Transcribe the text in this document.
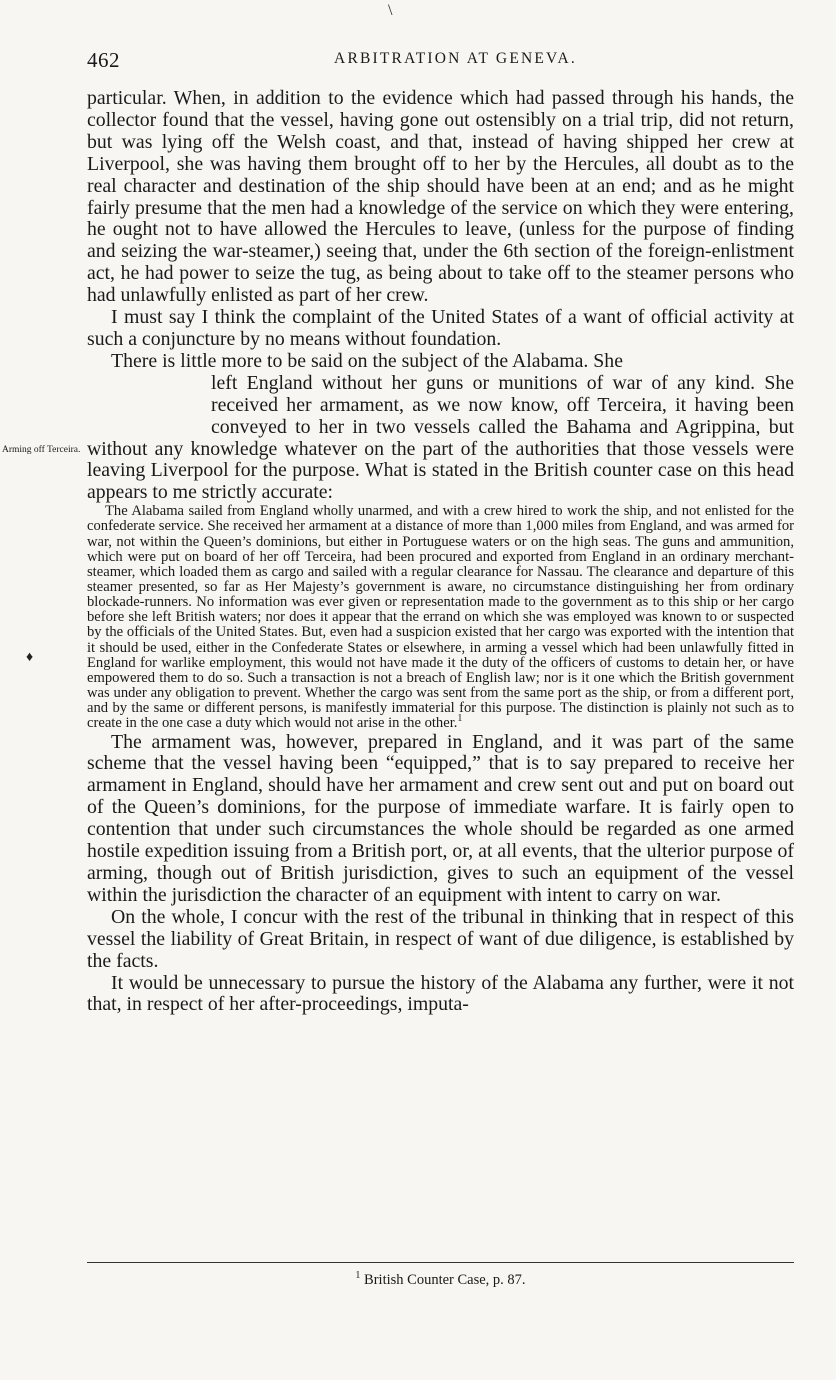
\
♦
462	ARBITRATION AT GENEVA.

particular. When, in addition to the evidence which had passed through his hands, the collector found that the vessel, having gone out ostensibly on a trial trip, did not return, but was lying off the Welsh coast, and that, instead of having shipped her crew at Liverpool, she was having them brought off to her by the Hercules, all doubt as to the real character and destination of the ship should have been at an end; and as he might fairly presume that the men had a knowledge of the service on which they were entering, he ought not to have allowed the Hercules to leave, (unless for the purpose of finding and seizing the war-steamer,) seeing that, under the 6th section of the foreign-enlistment act, he had power to seize the tug, as being about to take off to the steamer persons who had unlawfully enlisted as part of her crew.

I must say I think the complaint of the United States of a want of official activity at such a conjuncture by no means without foundation.

There is little more to be said on the subject of the Alabama. She

Arming off Terceira.

left England without her guns or munitions of war of any kind. She received her armament, as we now know, off Terceira, it having been conveyed to her in two vessels called the Bahama and Agrippina, but without any knowledge whatever on the part of the authorities that those vessels were leaving Liverpool for the purpose. What is stated in the British counter case on this head appears to me strictly accurate:

The Alabama sailed from England wholly unarmed, and with a crew hired to work the ship, and not enlisted for the confederate service. She received her armament at a distance of more than 1,000 miles from England, and was armed for war, not within the Queen’s dominions, but either in Portuguese waters or on the high seas. The guns and ammunition, which were put on board of her off Terceira, had been procured and exported from England in an ordinary merchant-steamer, which loaded them as cargo and sailed with a regular clearance for Nassau. The clearance and departure of this steamer presented, so far as Her Majesty’s government is aware, no circumstance distinguishing her from ordinary blockade-runners. No information was ever given or representation made to the government as to this ship or her cargo before she left British waters; nor does it appear that the errand on which she was employed was known to or suspected by the officials of the United States. But, even had a suspicion existed that her cargo was exported with the intention that it should be used, either in the Confederate States or elsewhere, in arming a vessel which had been unlawfully fitted in England for warlike employment, this would not have made it the duty of the officers of customs to detain her, or have empowered them to do so. Such a transaction is not a breach of English law; nor is it one which the British government was under any obligation to prevent. Whether the cargo was sent from the same port as the ship, or from a different port, and by the same or different persons, is manifestly immaterial for this purpose. The distinction is plainly not such as to create in the one case a duty which would not arise in the other.$^1$

The armament was, however, prepared in England, and it was part of the same scheme that the vessel having been “equipped,” that is to say prepared to receive her armament in England, should have her armament and crew sent out and put on board out of the Queen’s dominions, for the purpose of immediate warfare. It is fairly open to contention that under such circumstances the whole should be regarded as one armed hostile expedition issuing from a British port, or, at all events, that the ulterior purpose of arming, though out of British jurisdiction, gives to such an equipment of the vessel within the jurisdiction the character of an equipment with intent to carry on war.

On the whole, I concur with the rest of the tribunal in thinking that in respect of this vessel the liability of Great Britain, in respect of want of due diligence, is established by the facts.

It would be unnecessary to pursue the history of the Alabama any further, were it not that, in respect of her after-proceedings, imputa-

$^1$ British Counter Case, p. 87.
